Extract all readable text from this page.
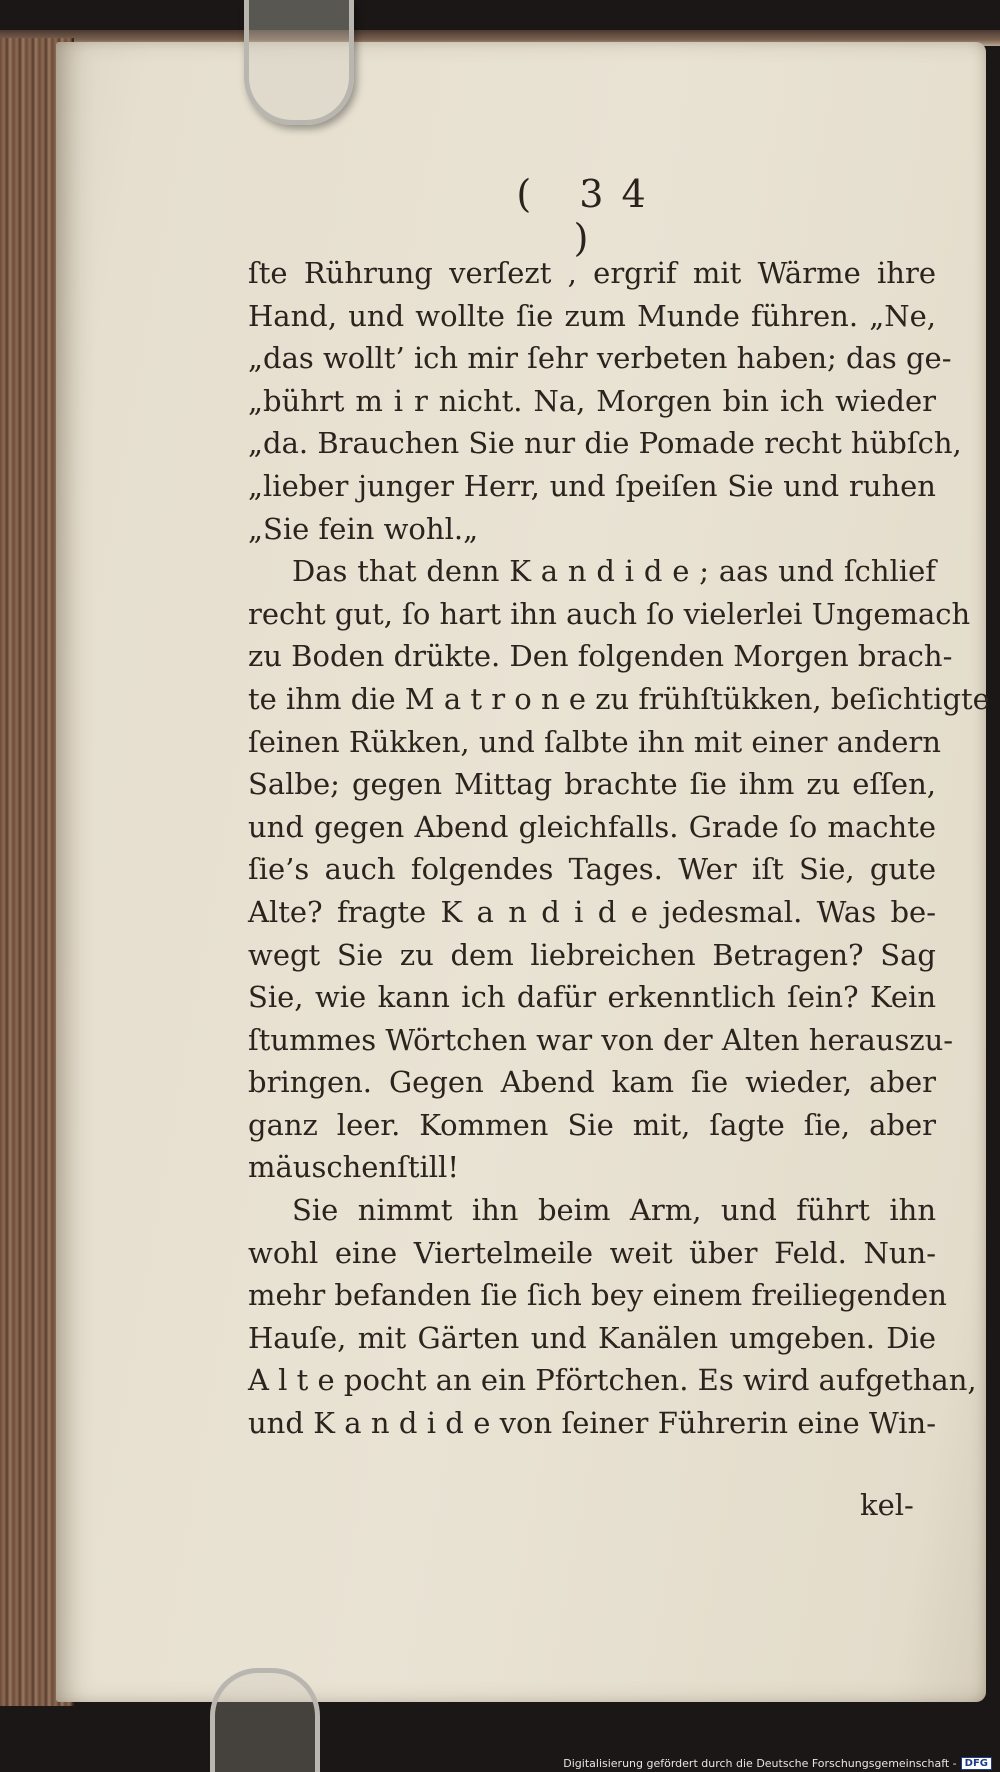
( 34 )
ſte Rührung verſezt , ergrif mit Wärme ihre
Hand, und wollte ſie zum Munde führen. „Ne,
„das wollt’ ich mir ſehr verbeten haben; das ge-
„bührt m i r nicht. Na, Morgen bin ich wieder
„da. Brauchen Sie nur die Pomade recht hübſch,
„lieber junger Herr, und ſpeiſen Sie und ruhen
„Sie fein wohl.„
Das that denn K a n d i d e ; aas und ſchlief
recht gut, ſo hart ihn auch ſo vielerlei Ungemach
zu Boden drükte. Den folgenden Morgen brach-
te ihm die M a t r o n e zu frühſtükken, beſichtigte
ſeinen Rükken, und ſalbte ihn mit einer andern
Salbe; gegen Mittag brachte ſie ihm zu eſſen,
und gegen Abend gleichfalls. Grade ſo machte
ſie’s auch folgendes Tages. Wer iſt Sie, gute
Alte? fragte K a n d i d e jedesmal. Was be-
wegt Sie zu dem liebreichen Betragen? Sag
Sie, wie kann ich dafür erkenntlich ſein? Kein
ſtummes Wörtchen war von der Alten herauszu-
bringen. Gegen Abend kam ſie wieder, aber
ganz leer. Kommen Sie mit, ſagte ſie, aber
mäuschenſtill!
Sie nimmt ihn beim Arm, und führt ihn
wohl eine Viertelmeile weit über Feld. Nun-
mehr befanden ſie ſich bey einem freiliegenden
Hauſe, mit Gärten und Kanälen umgeben. Die
A l t e pocht an ein Pförtchen. Es wird aufgethan,
und K a n d i d e von ſeiner Führerin eine Win-
kel-
Digitalisierung gefördert durch die Deutsche Forschungsgemeinschaft - DFG
